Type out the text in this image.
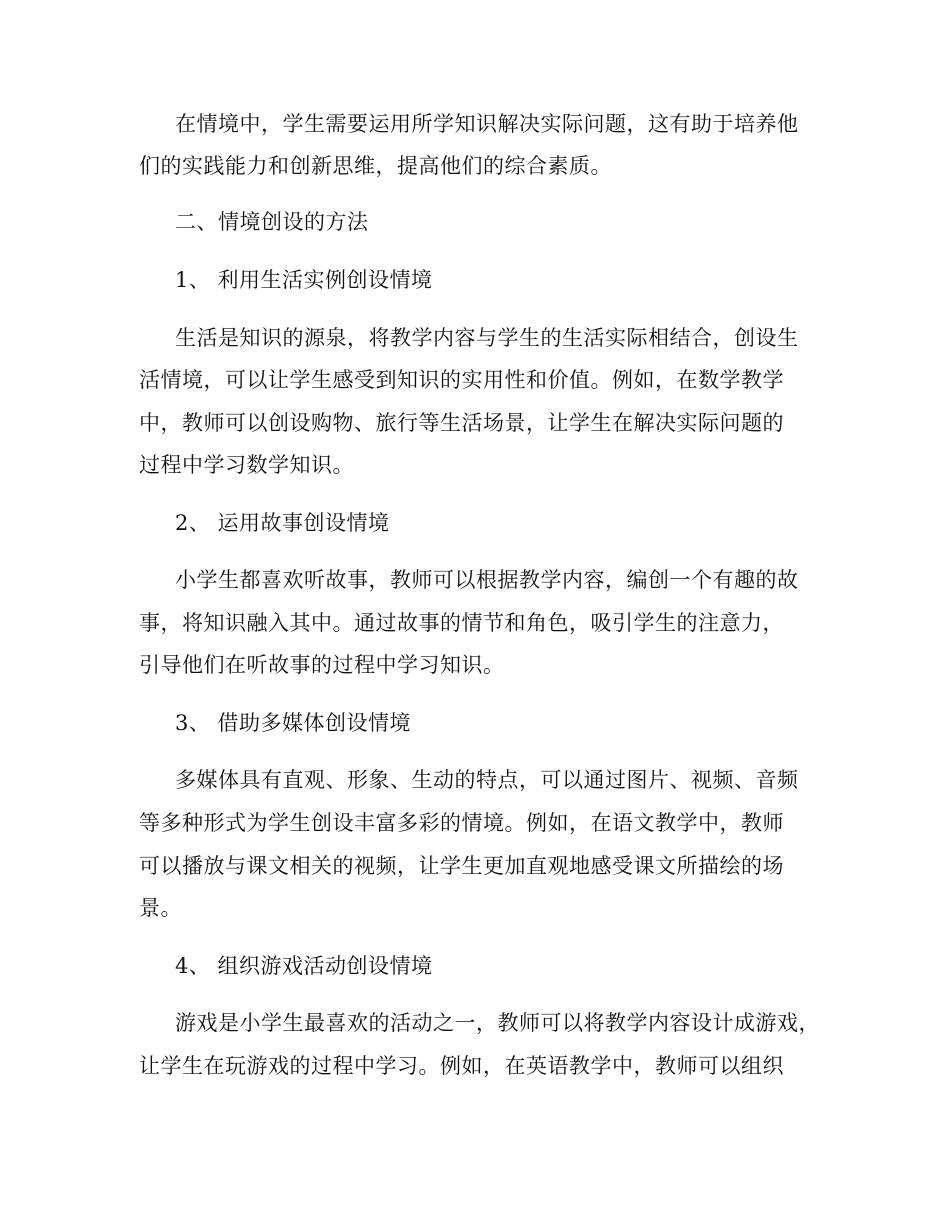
在情境中，学生需要运用所学知识解决实际问题，这有助于培养他
们的实践能力和创新思维，提高他们的综合素质。
二、情境创设的方法
1、 利用生活实例创设情境
生活是知识的源泉，将教学内容与学生的生活实际相结合，创设生
活情境，可以让学生感受到知识的实用性和价值。例如，在数学教学
中，教师可以创设购物、旅行等生活场景，让学生在解决实际问题的
过程中学习数学知识。
2、 运用故事创设情境
小学生都喜欢听故事，教师可以根据教学内容，编创一个有趣的故
事，将知识融入其中。通过故事的情节和角色，吸引学生的注意力，
引导他们在听故事的过程中学习知识。
3、 借助多媒体创设情境
多媒体具有直观、形象、生动的特点，可以通过图片、视频、音频
等多种形式为学生创设丰富多彩的情境。例如，在语文教学中，教师
可以播放与课文相关的视频，让学生更加直观地感受课文所描绘的场
景。
4、 组织游戏活动创设情境
游戏是小学生最喜欢的活动之一，教师可以将教学内容设计成游戏，
让学生在玩游戏的过程中学习。例如，在英语教学中，教师可以组织
